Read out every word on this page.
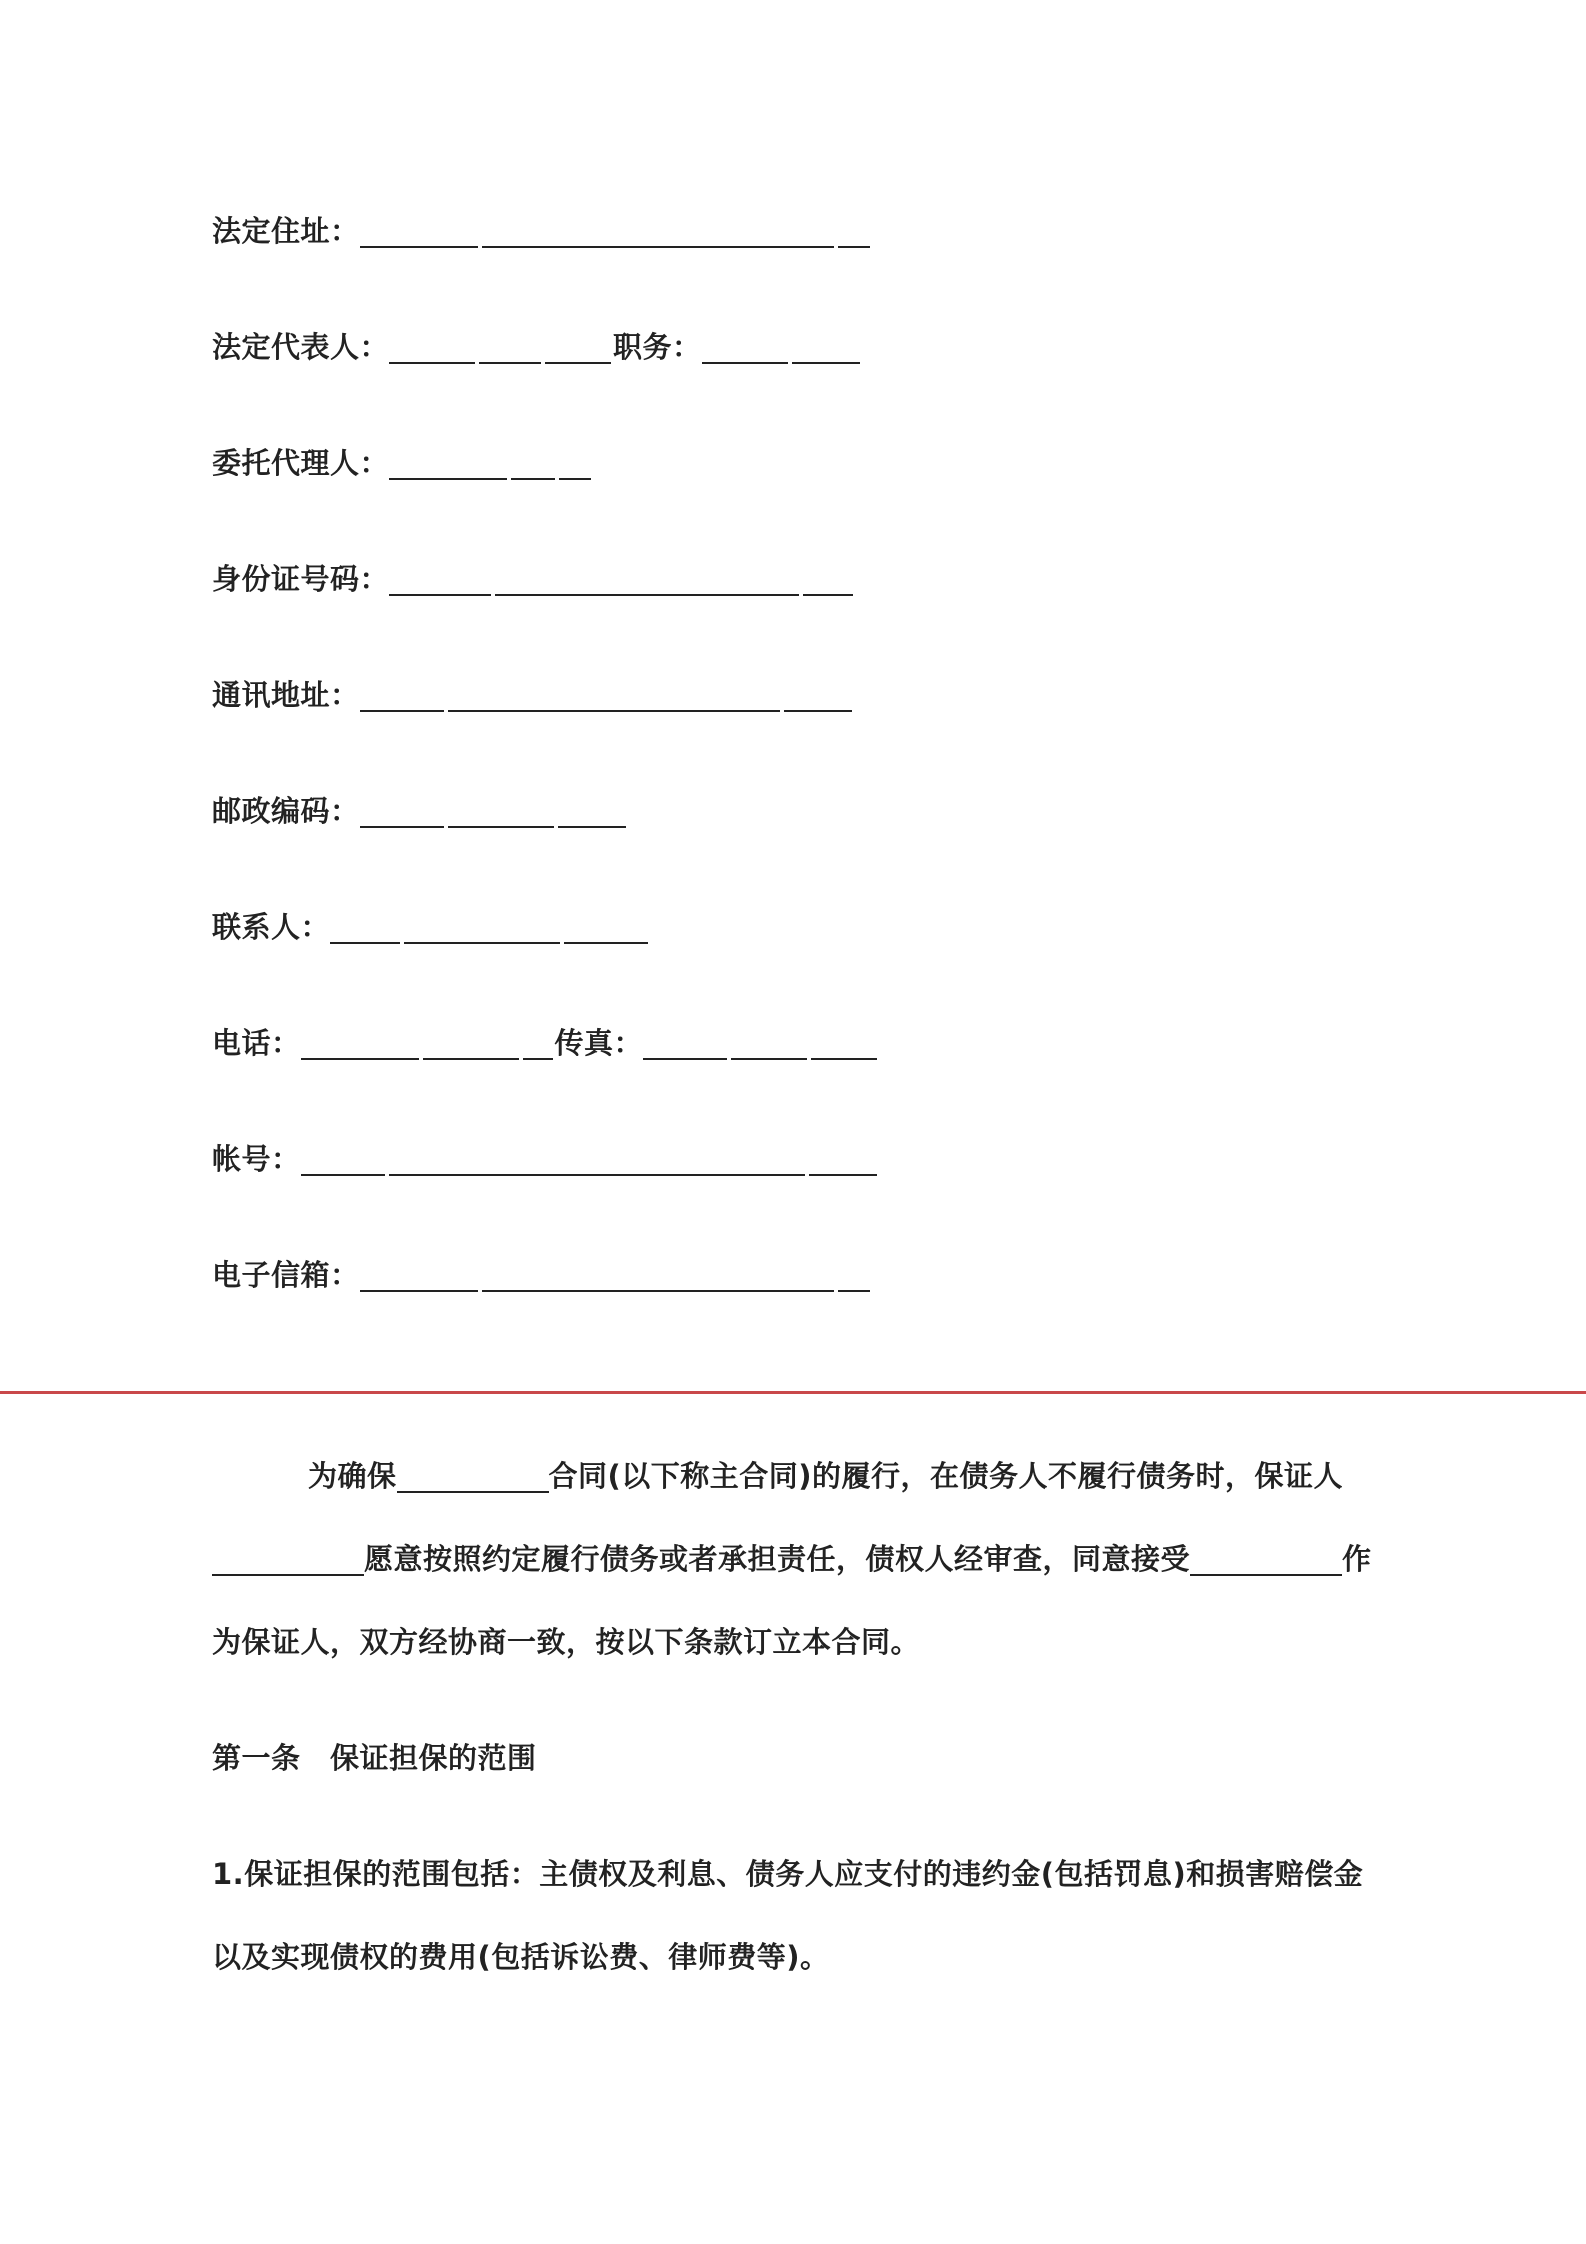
法定住址：
法定代表人：	职务：
委托代理人：
身份证号码：
通讯地址：
邮政编码：
联系人：
电话：	传真：
帐号：
电子信箱：
为确保	合同(以下称主合同)的履行，在债务人不履行债务时，保证人
愿意按照约定履行债务或者承担责任，债权人经审查，同意接受	作
为保证人，双方经协商一致，按以下条款订立本合同。
第一条　保证担保的范围
1.保证担保的范围包括：主债权及利息、债务人应支付的违约金(包括罚息)和损害赔偿金
以及实现债权的费用(包括诉讼费、律师费等)。
